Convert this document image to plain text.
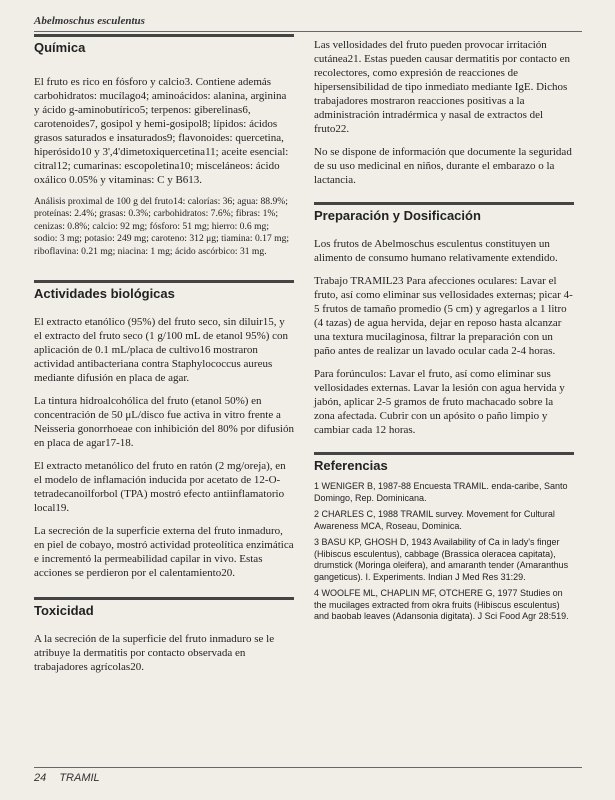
Abelmoschus esculentus
Química

El fruto es rico en fósforo y calcio3. Contiene además carbohidratos: mucílago4; aminoácidos: alanina, arginina y ácido g-aminobutírico5; terpenos: giberelinas6, carotenoides7, gosipol y hemi-gosipol8; lípidos: ácidos grasos saturados e insaturados9; flavonoides: quercetina, hiperósido10 y 3',4'dimetoxiquercetina11; aceite esencial: citral12; cumarinas: escopoletina10; misceláneos: ácido oxálico 0.05% y vitaminas: C y B613.

Análisis proximal de 100 g del fruto14: calorías: 36; agua: 88.9%; proteínas: 2.4%; grasas: 0.3%; carbohidratos: 7.6%; fibras: 1%; cenizas: 0.8%; calcio: 92 mg; fósforo: 51 mg; hierro: 0.6 mg; sodio: 3 mg; potasio: 249 mg; caroteno: 312 μg; tiamina: 0.17 mg; riboflavina: 0.21 mg; niacina: 1 mg; ácido ascórbico: 31 mg.

Actividades biológicas

El extracto etanólico (95%) del fruto seco, sin diluir15, y el extracto del fruto seco (1 g/100 mL de etanol 95%) con aplicación de 0.1 mL/placa de cultivo16 mostraron actividad antibacteriana contra Staphylococcus aureus mediante difusión en placa de agar.

La tintura hidroalcohólica del fruto (etanol 50%) en concentración de 50 μL/disco fue activa in vitro frente a Neisseria gonorrhoeae con inhibición del 80% por difusión en placa de agar17-18.

El extracto metanólico del fruto en ratón (2 mg/oreja), en el modelo de inflamación inducida por acetato de 12-O-tetradecanoilforbol (TPA) mostró efecto antiinflamatorio local19.

La secreción de la superficie externa del fruto inmaduro, en piel de cobayo, mostró actividad proteolítica enzimática e incrementó la permeabilidad capilar in vivo. Estas acciones se perdieron por el calentamiento20.

Toxicidad

A la secreción de la superficie del fruto inmaduro se le atribuye la dermatitis por contacto observada en trabajadores agrícolas20.

Las vellosidades del fruto pueden provocar irritación cutánea21. Estas pueden causar dermatitis por contacto en recolectores, como expresión de reacciones de hipersensibilidad de tipo inmediato mediante IgE. Dichos trabajadores mostraron reacciones positivas a la administración intradérmica y nasal de extractos del fruto22.

No se dispone de información que documente la seguridad de su uso medicinal en niños, durante el embarazo o la lactancia.

Preparación y Dosificación

Los frutos de Abelmoschus esculentus constituyen un alimento de consumo humano relativamente extendido.

Trabajo TRAMIL23 Para afecciones oculares: Lavar el fruto, así como eliminar sus vellosidades externas; picar 4-5 frutos de tamaño promedio (5 cm) y agregarlos a 1 litro (4 tazas) de agua hervida, dejar en reposo hasta alcanzar una textura mucilaginosa, filtrar la preparación con un paño antes de realizar un lavado ocular cada 2-4 horas.

Para forúnculos: Lavar el fruto, así como eliminar sus vellosidades externas. Lavar la lesión con agua hervida y jabón, aplicar 2-5 gramos de fruto machacado sobre la zona afectada. Cubrir con un apósito o paño limpio y cambiar cada 12 horas.

Referencias

1 WENIGER B, 1987-88 Encuesta TRAMIL. enda-caribe, Santo Domingo, Rep. Dominicana.

2 CHARLES C, 1988 TRAMIL survey. Movement for Cultural Awareness MCA, Roseau, Dominica.

3 BASU KP, GHOSH D, 1943 Availability of Ca in lady's finger (Hibiscus esculentus), cabbage (Brassica oleracea capitata), drumstick (Moringa oleifera), and amaranth tender (Amaranthus gangeticus). I. Experiments. Indian J Med Res 31:29.

4 WOOLFE ML, CHAPLIN MF, OTCHERE G, 1977 Studies on the mucilages extracted from okra fruits (Hibiscus esculentus) and baobab leaves (Adansonia digitata). J Sci Food Agr 28:519.

24 TRAMIL
